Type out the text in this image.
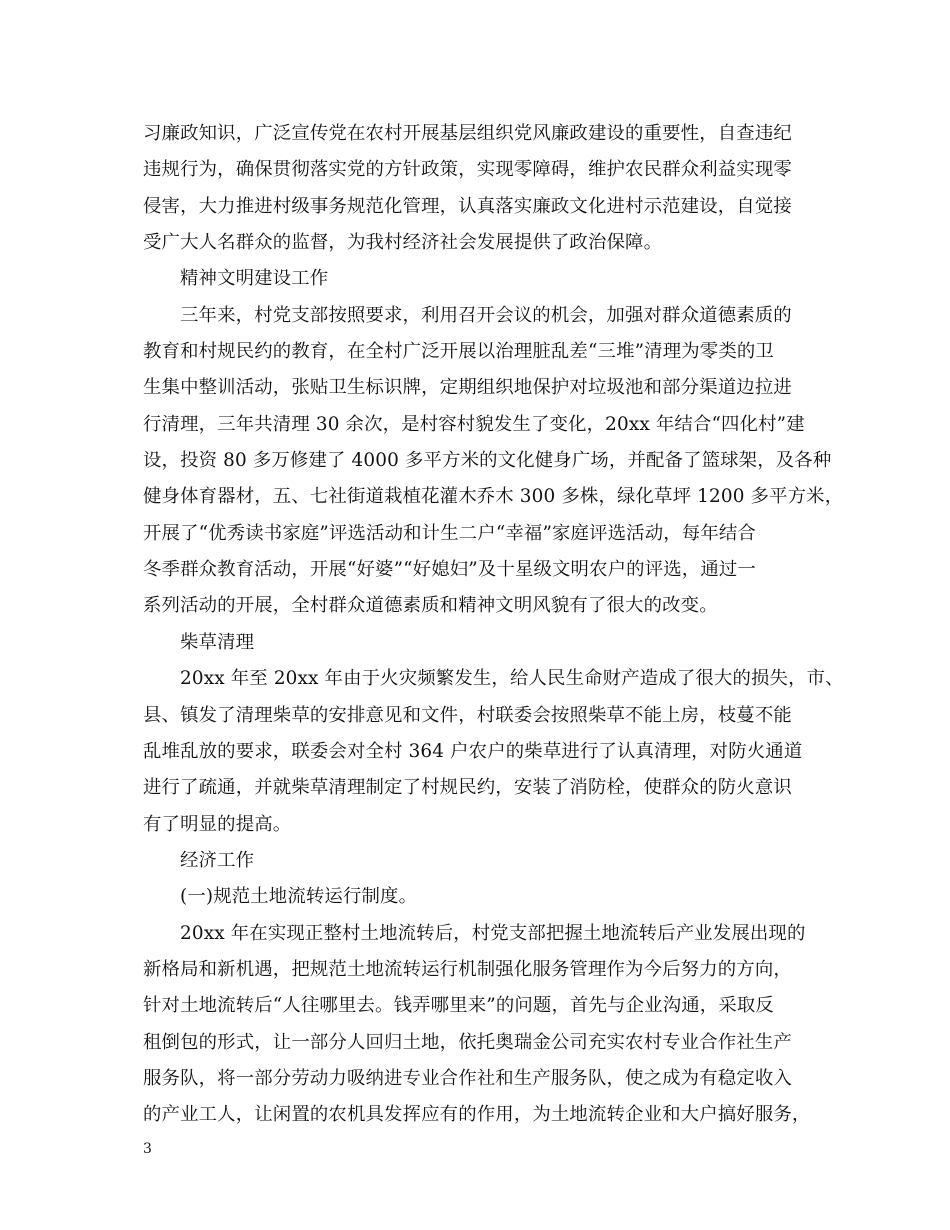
习廉政知识，广泛宣传党在农村开展基层组织党风廉政建设的重要性，自查违纪
违规行为，确保贯彻落实党的方针政策，实现零障碍，维护农民群众利益实现零
侵害，大力推进村级事务规范化管理，认真落实廉政文化进村示范建设，自觉接
受广大人名群众的监督，为我村经济社会发展提供了政治保障。
精神文明建设工作
三年来，村党支部按照要求，利用召开会议的机会，加强对群众道德素质的
教育和村规民约的教育，在全村广泛开展以治理脏乱差“三堆”清理为零类的卫
生集中整训活动，张贴卫生标识牌，定期组织地保护对垃圾池和部分渠道边拉进
行清理，三年共清理 30 余次，是村容村貌发生了变化，20xx 年结合“四化村”建
设，投资 80 多万修建了 4000 多平方米的文化健身广场，并配备了篮球架，及各种
健身体育器材，五、七社街道栽植花灌木乔木 300 多株，绿化草坪 1200 多平方米，
开展了“优秀读书家庭”评选活动和计生二户“幸福”家庭评选活动，每年结合
冬季群众教育活动，开展“好婆”“好媳妇”及十星级文明农户的评选，通过一
系列活动的开展，全村群众道德素质和精神文明风貌有了很大的改变。
柴草清理
20xx 年至 20xx 年由于火灾频繁发生，给人民生命财产造成了很大的损失，市、
县、镇发了清理柴草的安排意见和文件，村联委会按照柴草不能上房，枝蔓不能
乱堆乱放的要求，联委会对全村 364 户农户的柴草进行了认真清理，对防火通道
进行了疏通，并就柴草清理制定了村规民约，安装了消防栓，使群众的防火意识
有了明显的提高。
经济工作
(一)规范土地流转运行制度。
20xx 年在实现正整村土地流转后，村党支部把握土地流转后产业发展出现的
新格局和新机遇，把规范土地流转运行机制强化服务管理作为今后努力的方向，
针对土地流转后“人往哪里去。钱弄哪里来”的问题，首先与企业沟通，采取反
租倒包的形式，让一部分人回归土地，依托奥瑞金公司充实农村专业合作社生产
服务队，将一部分劳动力吸纳进专业合作社和生产服务队，使之成为有稳定收入
的产业工人，让闲置的农机具发挥应有的作用，为土地流转企业和大户搞好服务，
3
